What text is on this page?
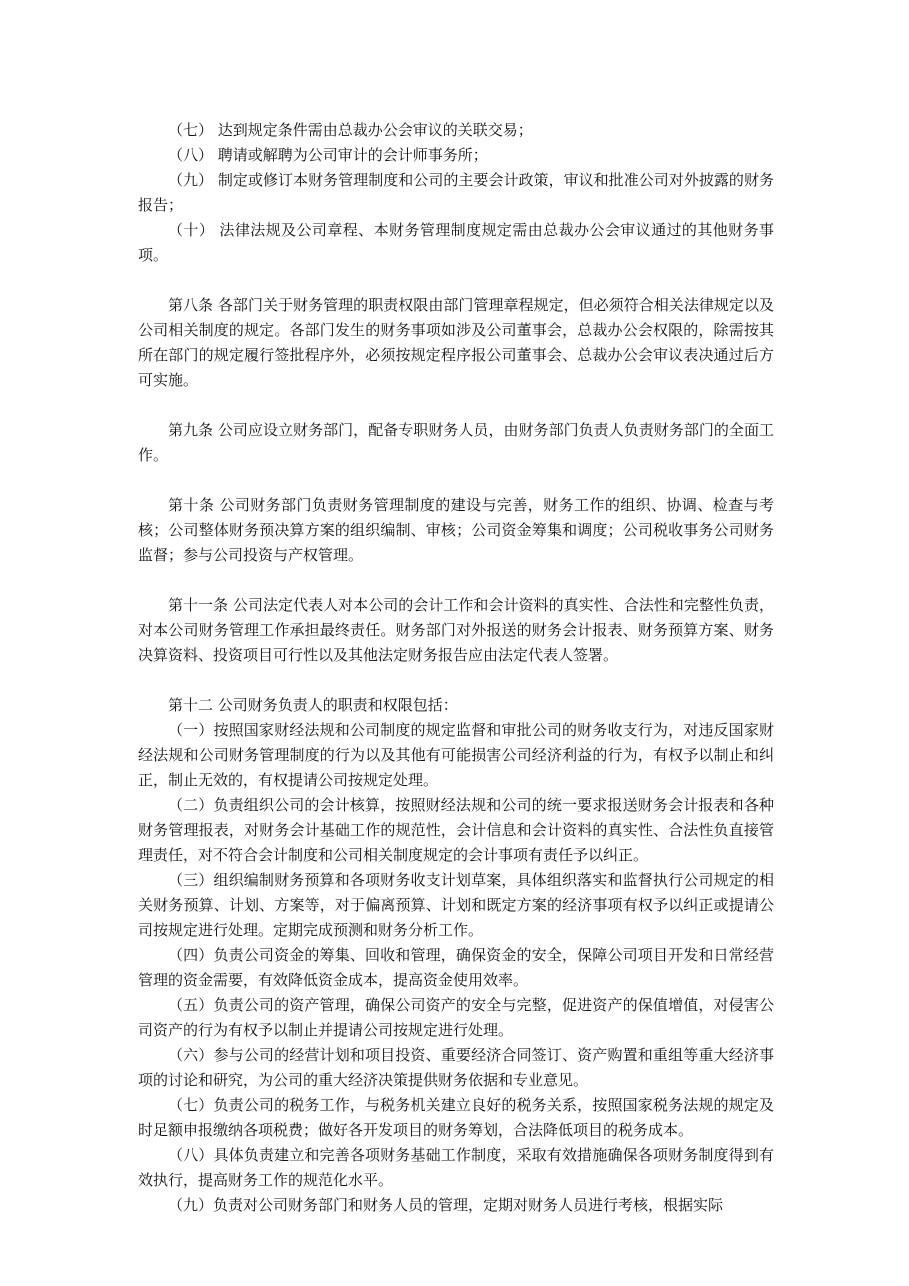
（七） 达到规定条件需由总裁办公会审议的关联交易；

（八） 聘请或解聘为公司审计的会计师事务所；

（九） 制定或修订本财务管理制度和公司的主要会计政策，审议和批准公司对外披露的财务报告；

（十） 法律法规及公司章程、本财务管理制度规定需由总裁办公会审议通过的其他财务事项。

第八条 各部门关于财务管理的职责权限由部门管理章程规定，但必须符合相关法律规定以及公司相关制度的规定。各部门发生的财务事项如涉及公司董事会，总裁办公会权限的，除需按其所在部门的规定履行签批程序外，必须按规定程序报公司董事会、总裁办公会审议表决通过后方可实施。

第九条 公司应设立财务部门，配备专职财务人员，由财务部门负责人负责财务部门的全面工作。

第十条 公司财务部门负责财务管理制度的建设与完善，财务工作的组织、协调、检查与考核；公司整体财务预决算方案的组织编制、审核；公司资金筹集和调度；公司税收事务公司财务监督；参与公司投资与产权管理。

第十一条 公司法定代表人对本公司的会计工作和会计资料的真实性、合法性和完整性负责，对本公司财务管理工作承担最终责任。财务部门对外报送的财务会计报表、财务预算方案、财务决算资料、投资项目可行性以及其他法定财务报告应由法定代表人签署。

第十二 公司财务负责人的职责和权限包括：

（一）按照国家财经法规和公司制度的规定监督和审批公司的财务收支行为，对违反国家财经法规和公司财务管理制度的行为以及其他有可能损害公司经济利益的行为，有权予以制止和纠正，制止无效的，有权提请公司按规定处理。

（二）负责组织公司的会计核算，按照财经法规和公司的统一要求报送财务会计报表和各种财务管理报表，对财务会计基础工作的规范性，会计信息和会计资料的真实性、合法性负直接管理责任，对不符合会计制度和公司相关制度规定的会计事项有责任予以纠正。

（三）组织编制财务预算和各项财务收支计划草案，具体组织落实和监督执行公司规定的相关财务预算、计划、方案等，对于偏离预算、计划和既定方案的经济事项有权予以纠正或提请公司按规定进行处理。定期完成预测和财务分析工作。

（四）负责公司资金的筹集、回收和管理，确保资金的安全，保障公司项目开发和日常经营管理的资金需要，有效降低资金成本，提高资金使用效率。

（五）负责公司的资产管理，确保公司资产的安全与完整，促进资产的保值增值，对侵害公司资产的行为有权予以制止并提请公司按规定进行处理。

（六）参与公司的经营计划和项目投资、重要经济合同签订、资产购置和重组等重大经济事项的讨论和研究，为公司的重大经济决策提供财务依据和专业意见。

（七）负责公司的税务工作，与税务机关建立良好的税务关系，按照国家税务法规的规定及时足额申报缴纳各项税费；做好各开发项目的财务筹划，合法降低项目的税务成本。

（八）具体负责建立和完善各项财务基础工作制度，采取有效措施确保各项财务制度得到有效执行，提高财务工作的规范化水平。

（九）负责对公司财务部门和财务人员的管理，定期对财务人员进行考核，根据实际
